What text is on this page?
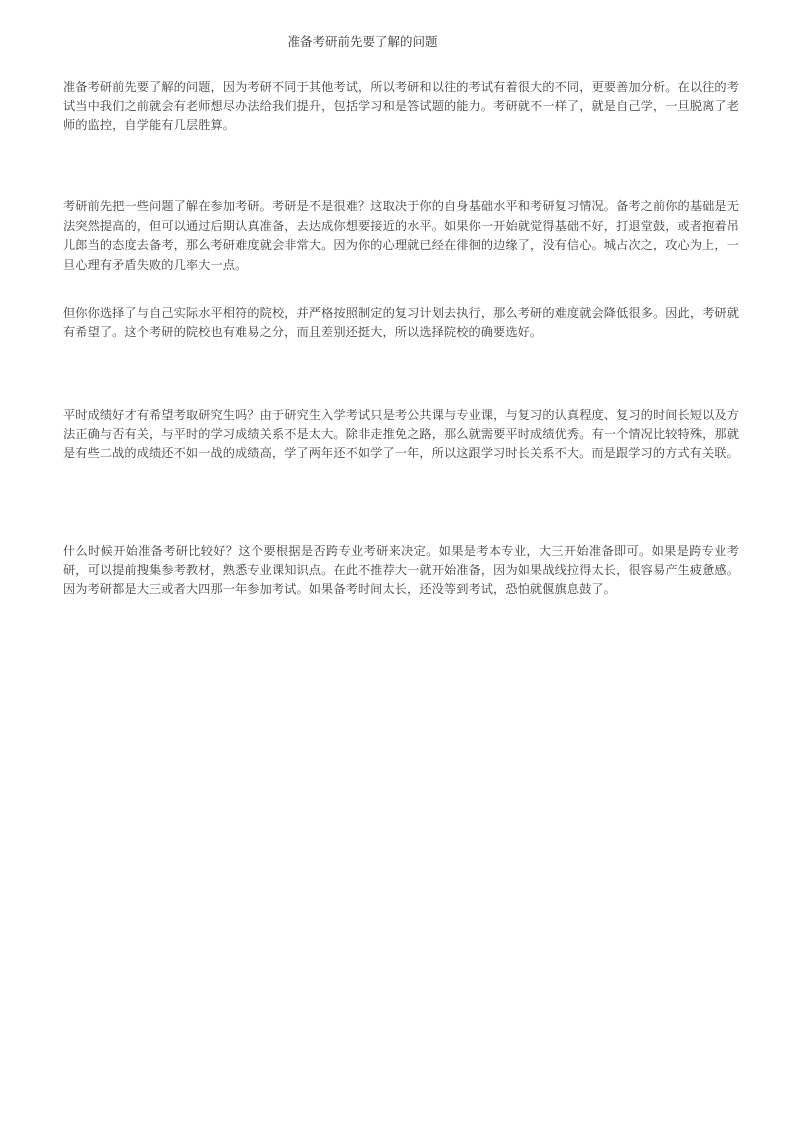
准备考研前先要了解的问题

准备考研前先要了解的问题，因为考研不同于其他考试，所以考研和以往的考试有着很大的不同，更要善加分析。在以往的考试当中我们之前就会有老师想尽办法给我们提升，包括学习和是答试题的能力。考研就不一样了，就是自己学，一旦脱离了老师的监控，自学能有几层胜算。

考研前先把一些问题了解在参加考研。考研是不是很难？这取决于你的自身基础水平和考研复习情况。备考之前你的基础是无法突然提高的，但可以通过后期认真准备，去达成你想要接近的水平。如果你一开始就觉得基础不好，打退堂鼓，或者抱着吊儿郎当的态度去备考，那么考研难度就会非常大。因为你的心理就已经在徘徊的边缘了，没有信心。城占次之，攻心为上，一旦心理有矛盾失败的几率大一点。

但你你选择了与自己实际水平相符的院校，并严格按照制定的复习计划去执行，那么考研的难度就会降低很多。因此，考研就有希望了。这个考研的院校也有难易之分，而且差别还挺大，所以选择院校的确要选好。

平时成绩好才有希望考取研究生吗？由于研究生入学考试只是考公共课与专业课，与复习的认真程度、复习的时间长短以及方法正确与否有关，与平时的学习成绩关系不是太大。除非走推免之路，那么就需要平时成绩优秀。有一个情况比较特殊，那就是有些二战的成绩还不如一战的成绩高，学了两年还不如学了一年，所以这跟学习时长关系不大。而是跟学习的方式有关联。

什么时候开始准备考研比较好？这个要根据是否跨专业考研来决定。如果是考本专业，大三开始准备即可。如果是跨专业考研，可以提前搜集参考教材，熟悉专业课知识点。在此不推荐大一就开始准备，因为如果战线拉得太长，很容易产生疲惫感。因为考研都是大三或者大四那一年参加考试。如果备考时间太长，还没等到考试，恐怕就偃旗息鼓了。
